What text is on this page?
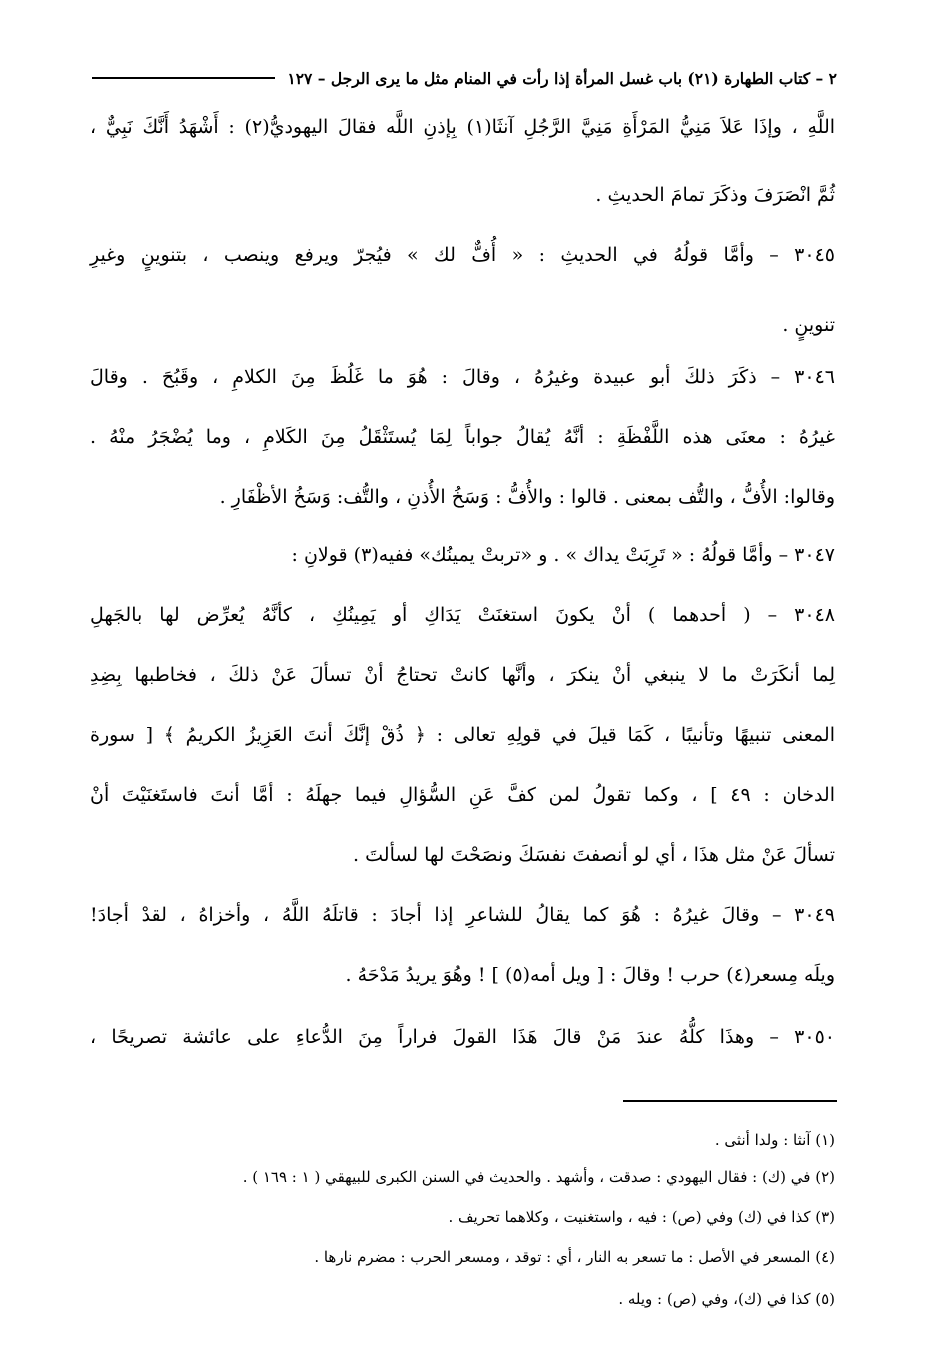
٢ – كتاب الطهارة (٢١) باب غسل المرأة إذا رأت في المنام مثل ما يرى الرجل – ١٢٧
اللَّهِ ، وإذَا عَلاَ مَنِيُّ المَرْأَةِ مَنِيَّ الرَّجُلِ آنثَا(١) بِإذنِ اللَّه فقالَ اليهوديُّ(٢) : أَشْهَدُ أَنَّكَ نَبِيٌّ ،
ثُمَّ انْصَرَفَ وذكَرَ تمامَ الحديثِ .
٣٠٤٥ – وأمَّا قولُهُ في الحديثِ : « أُفٌّ لك » فيُجرّ ويرفع وينصب ، بتنوينٍ وغيرِ
تنوينٍ .
٣٠٤٦ – ذكَرَ ذلكَ أبو عبيدة وغيرُهُ ، وقالَ : هُوَ ما غَلُظَ مِنَ الكلامِ ، وقَبُحَ . وقالَ
غيرُهُ : معنَى هذه اللَّفْظَةِ : أنَّهُ يُقالُ جواباً لِمَا يُستَثْقَلُ مِنَ الكَلامِ ، وما يُضْجَرُ منْهُ .
وقالوا: الأُفُّ ، والتُّف بمعنى . قالوا : والأُفُّ : وَسَخُ الأُذنِ ، والتُّف: وَسَخُ الأظْفَارِ .
٣٠٤٧ – وأمَّا قولُهُ : « تَرِبَتْ يداك » . و «تربتْ يمينُك» ففيه(٣) قولانِ :
٣٠٤٨ – ( أحدهما ) أنْ يكونَ استغنَتْ يَدَاكِ أو يَمِينُكِ ، كأنَّهُ يُعرِّض لها بالجَهلِ
لِما أنكَرَتْ ما لا ينبغي أنْ ينكرَ ، وأنَّها كانتْ تحتاجُ أنْ تسألَ عَنْ ذلكَ ، فخاطبها بِضِدِ
المعنى تنبيهًا وتأنيبًا ، كَمَا قيلَ في قولِهِ تعالى : ﴿ ذُقْ إنَّكَ أنتَ العَزِيزُ الكريمُ ﴾ [ سورة
الدخان : ٤٩ ] ، وكما تقولُ لمن كفَّ عَنِ السُّؤالِ فيما جهلَهُ : أمَّا أنتَ فاستَغنَيْتَ أنْ
تسألَ عَنْ مثل هذَا ، أي لو أنصفتَ نفسَكَ ونصَحْتَ لها لسألتَ .
٣٠٤٩ – وقالَ غيرُهُ : هُوَ كما يقالُ للشاعرِ إذا أجادَ : قاتلَهُ اللَّهُ ، وأخزاهُ ، لقدْ أجادَ!
ويلَه مِسعر(٤) حرب ! وقالَ : [ ويل أمه(٥) ] ! وهُوَ يريدُ مَدْحَهُ .
٣٠٥٠ – وهذَا كلُّهُ عندَ مَنْ قالَ هَذَا القولَ فراراً مِنَ الدُّعاءِ على عائشة تصريحًا ،
(١) آنثا : ولدا أنثى .
(٢) في (ك) : فقال اليهودي : صدقت ، وأشهد . والحديث في السنن الكبرى للبيهقي ( ١ : ١٦٩ ) .
(٣) كذا في (ك) وفي (ص) : فيه ، واستغنيت ، وكلاهما تحريف .
(٤) المسعر في الأصل : ما تسعر به النار ، أي : توقد ، ومسعر الحرب : مضرم نارها .
(٥) كذا في (ك)، وفي (ص) : ويله .
